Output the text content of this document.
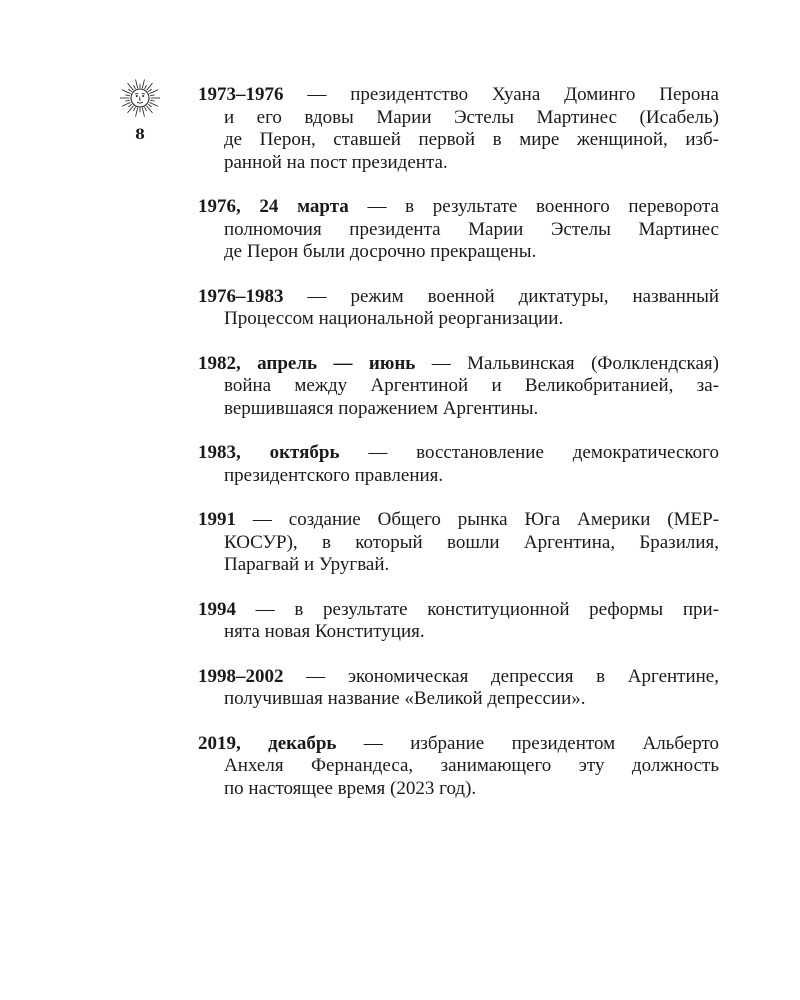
8
1973–1976 — президентство Хуана Доминго Перона
и его вдовы Марии Эстелы Мартинес (Исабель)
де Перон, ставшей первой в мире женщиной, изб-
ранной на пост президента.
1976, 24 марта — в результате военного переворота
полномочия президента Марии Эстелы Мартинес
де Перон были досрочно прекращены.
1976–1983 — режим военной диктатуры, названный
Процессом национальной реорганизации.
1982, апрель — июнь — Мальвинская (Фолклендская)
война между Аргентиной и Великобританией, за-
вершившаяся поражением Аргентины.
1983, октябрь — восстановление демократического
президентского правления.
1991 — создание Общего рынка Юга Америки (МЕР-
КОСУР), в который вошли Аргентина, Бразилия,
Парагвай и Уругвай.
1994 — в результате конституционной реформы при-
нята новая Конституция.
1998–2002 — экономическая депрессия в Аргентине,
получившая название «Великой депрессии».
2019, декабрь — избрание президентом Альберто
Анхеля Фернандеса, занимающего эту должность
по настоящее время (2023 год).
